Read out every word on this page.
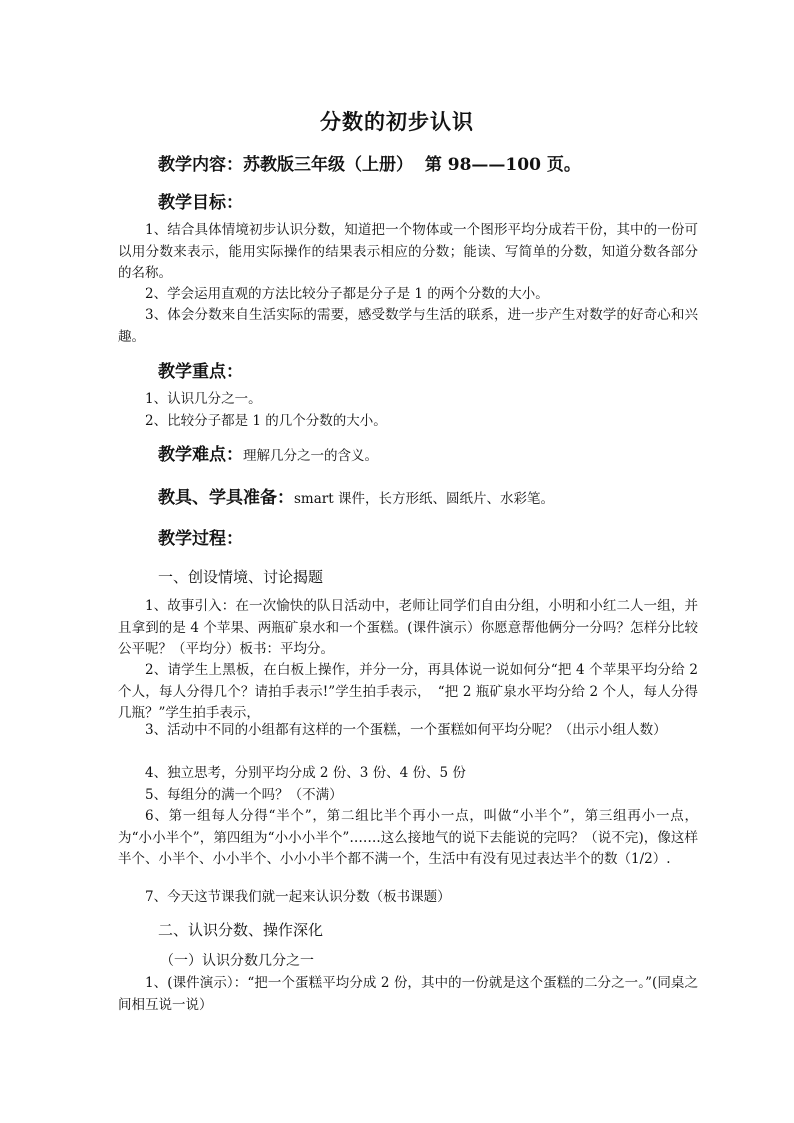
分数的初步认识
教学内容：苏教版三年级（上册）  第 98——100 页。
教学目标：
1、结合具体情境初步认识分数，知道把一个物体或一个图形平均分成若干份，其中的一份可以用分数来表示，能用实际操作的结果表示相应的分数；能读、写简单的分数，知道分数各部分的名称。
2、学会运用直观的方法比较分子都是分子是 1 的两个分数的大小。
3、体会分数来自生活实际的需要，感受数学与生活的联系，进一步产生对数学的好奇心和兴趣。
教学重点：
1、认识几分之一。
2、比较分子都是 1 的几个分数的大小。
教学难点：理解几分之一的含义。
教具、学具准备：smart 课件，长方形纸、圆纸片、水彩笔。
教学过程：
一、创设情境、讨论揭题
1、故事引入：在一次愉快的队日活动中，老师让同学们自由分组，小明和小红二人一组，并且拿到的是 4 个苹果、两瓶矿泉水和一个蛋糕。(课件演示）你愿意帮他俩分一分吗？怎样分比较公平呢？（平均分）板书：平均分。
2、请学生上黑板，在白板上操作，并分一分，再具体说一说如何分“把 4 个苹果平均分给 2 个人，每人分得几个？请拍手表示!”学生拍手表示，　“把 2 瓶矿泉水平均分给 2 个人，每人分得几瓶？”学生拍手表示，
3、活动中不同的小组都有这样的一个蛋糕，一个蛋糕如何平均分呢？（出示小组人数）
4、独立思考，分别平均分成 2 份、3 份、4 份、5 份
5、每组分的满一个吗？（不满）
6、第一组每人分得“半个”，第二组比半个再小一点，叫做“小半个”，第三组再小一点，为“小小半个”，第四组为“小小小半个”…….这么接地气的说下去能说的完吗？（说不完)，像这样半个、小半个、小小半个、小小小半个都不满一个，生活中有没有见过表达半个的数（1/2）.
7、今天这节课我们就一起来认识分数（板书课题）
二、认识分数、操作深化
（一）认识分数几分之一
1、(课件演示）：“把一个蛋糕平均分成 2 份，其中的一份就是这个蛋糕的二分之一。”(同桌之间相互说一说）
